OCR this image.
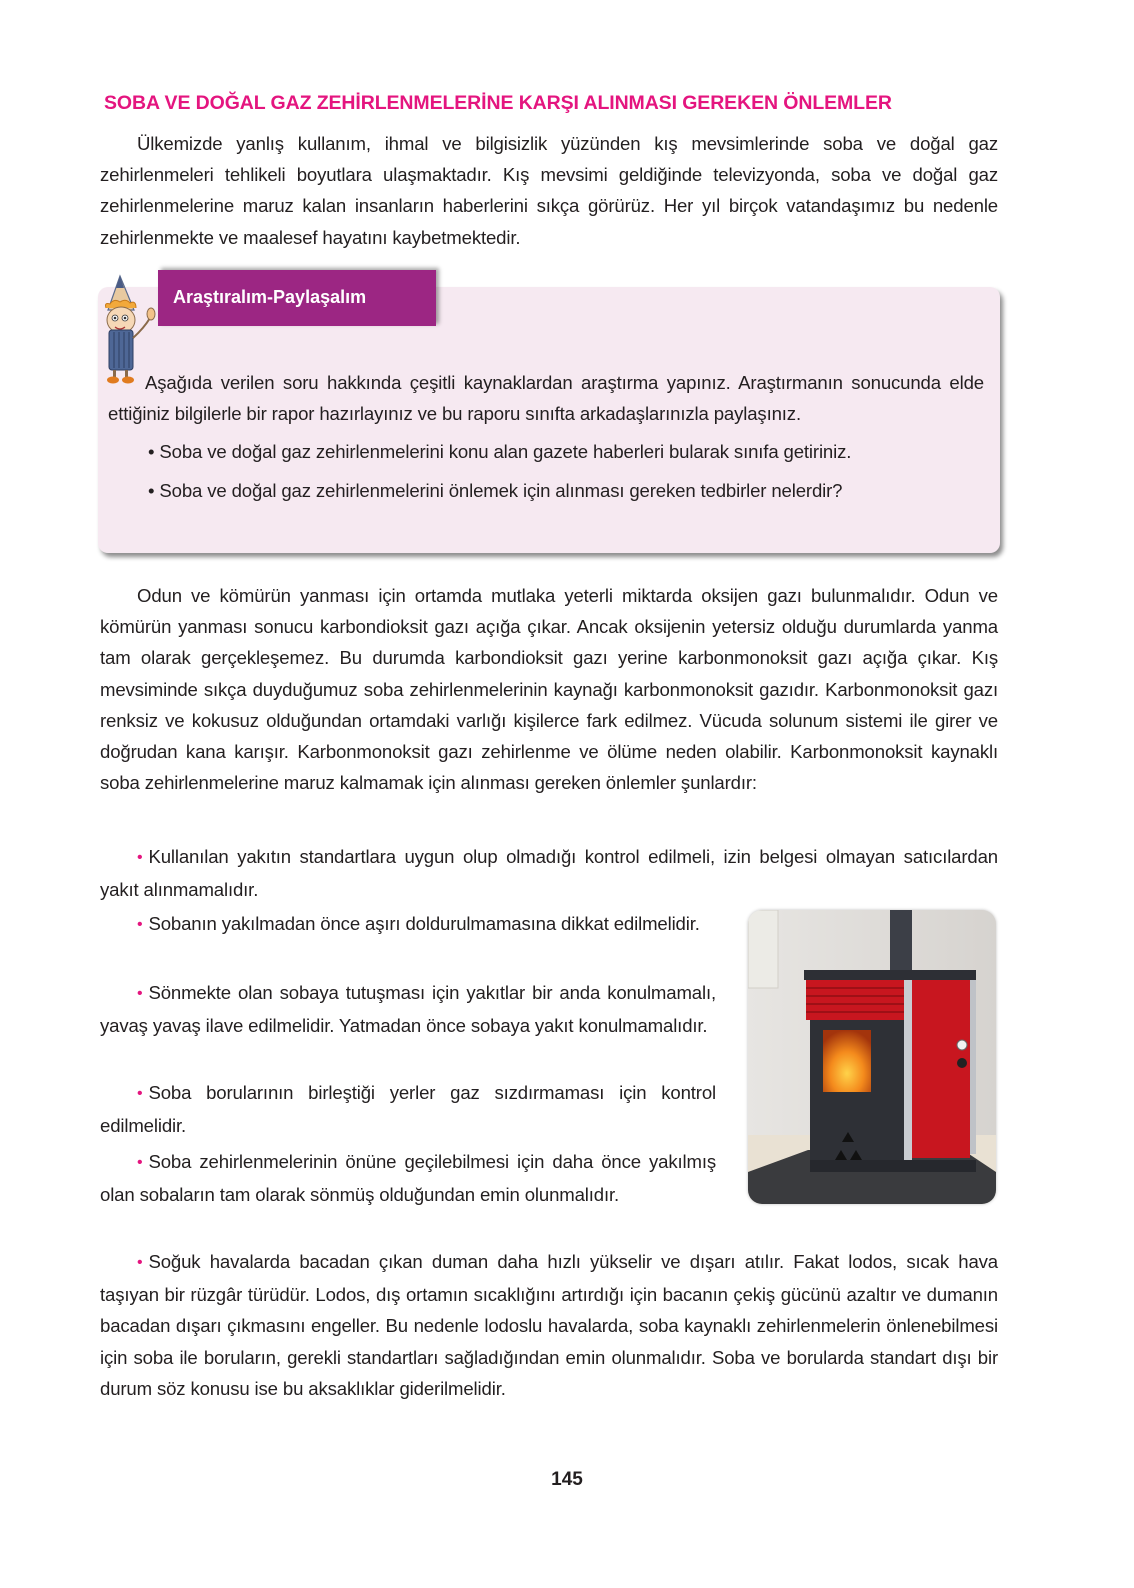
SOBA VE DOĞAL GAZ ZEHİRLENMELERİNE KARŞI ALINMASI GEREKEN ÖNLEMLER

Ülkemizde yanlış kullanım, ihmal ve bilgisizlik yüzünden kış mevsimlerinde soba ve doğal gaz zehirlenmeleri tehlikeli boyutlara ulaşmaktadır. Kış mevsimi geldiğinde televizyonda, soba ve doğal gaz zehirlenmelerine maruz kalan insanların haberlerini sıkça görürüz. Her yıl birçok vatandaşımız bu nedenle zehirlenmekte ve maalesef hayatını kaybetmektedir.

Araştıralım-Paylaşalım

Aşağıda verilen soru hakkında çeşitli kaynaklardan araştırma yapınız. Araştırmanın sonucunda elde ettiğiniz bilgilerle bir rapor hazırlayınız ve bu raporu sınıfta arkadaşlarınızla paylaşınız.

• Soba ve doğal gaz zehirlenmelerini konu alan gazete haberleri bularak sınıfa getiriniz.

• Soba ve doğal gaz zehirlenmelerini önlemek için alınması gereken tedbirler nelerdir?

Odun ve kömürün yanması için ortamda mutlaka yeterli miktarda oksijen gazı bulunmalıdır. Odun ve kömürün yanması sonucu karbondioksit gazı açığa çıkar. Ancak oksijenin yetersiz olduğu durumlarda yanma tam olarak gerçekleşemez. Bu durumda karbondioksit gazı yerine karbonmonoksit gazı açığa çıkar. Kış mevsiminde sıkça duyduğumuz soba zehirlenmelerinin kaynağı karbonmonoksit gazıdır. Karbonmonoksit gazı renksiz ve kokusuz olduğundan ortamdaki varlığı kişilerce fark edilmez. Vücuda solunum sistemi ile girer ve doğrudan kana karışır. Karbonmonoksit gazı zehirlenme ve ölüme neden olabilir. Karbonmonoksit kaynaklı soba zehirlenmelerine maruz kalmamak için alınması gereken önlemler şunlardır:

• Kullanılan yakıtın standartlara uygun olup olmadığı kontrol edilmeli, izin belgesi olmayan satıcılardan yakıt alınmamalıdır.

• Sobanın yakılmadan önce aşırı doldurulmamasına dikkat edilmelidir.

• Sönmekte olan sobaya tutuşması için yakıtlar bir anda konulmamalı, yavaş yavaş ilave edilmelidir. Yatmadan önce sobaya yakıt konulmamalıdır.

• Soba borularının birleştiği yerler gaz sızdırmaması için kontrol edilmelidir.

• Soba zehirlenmelerinin önüne geçilebilmesi için daha önce yakılmış olan sobaların tam olarak sönmüş olduğundan emin olunmalıdır.

• Soğuk havalarda bacadan çıkan duman daha hızlı yükselir ve dışarı atılır. Fakat lodos, sıcak hava taşıyan bir rüzgâr türüdür. Lodos, dış ortamın sıcaklığını artırdığı için bacanın çekiş gücünü azaltır ve dumanın bacadan dışarı çıkmasını engeller. Bu nedenle lodoslu havalarda, soba kaynaklı zehirlenmelerin önlenebilmesi için soba ile boruların, gerekli standartları sağladığından emin olunmalıdır. Soba ve borularda standart dışı bir durum söz konusu ise bu aksaklıklar giderilmelidir.

145
